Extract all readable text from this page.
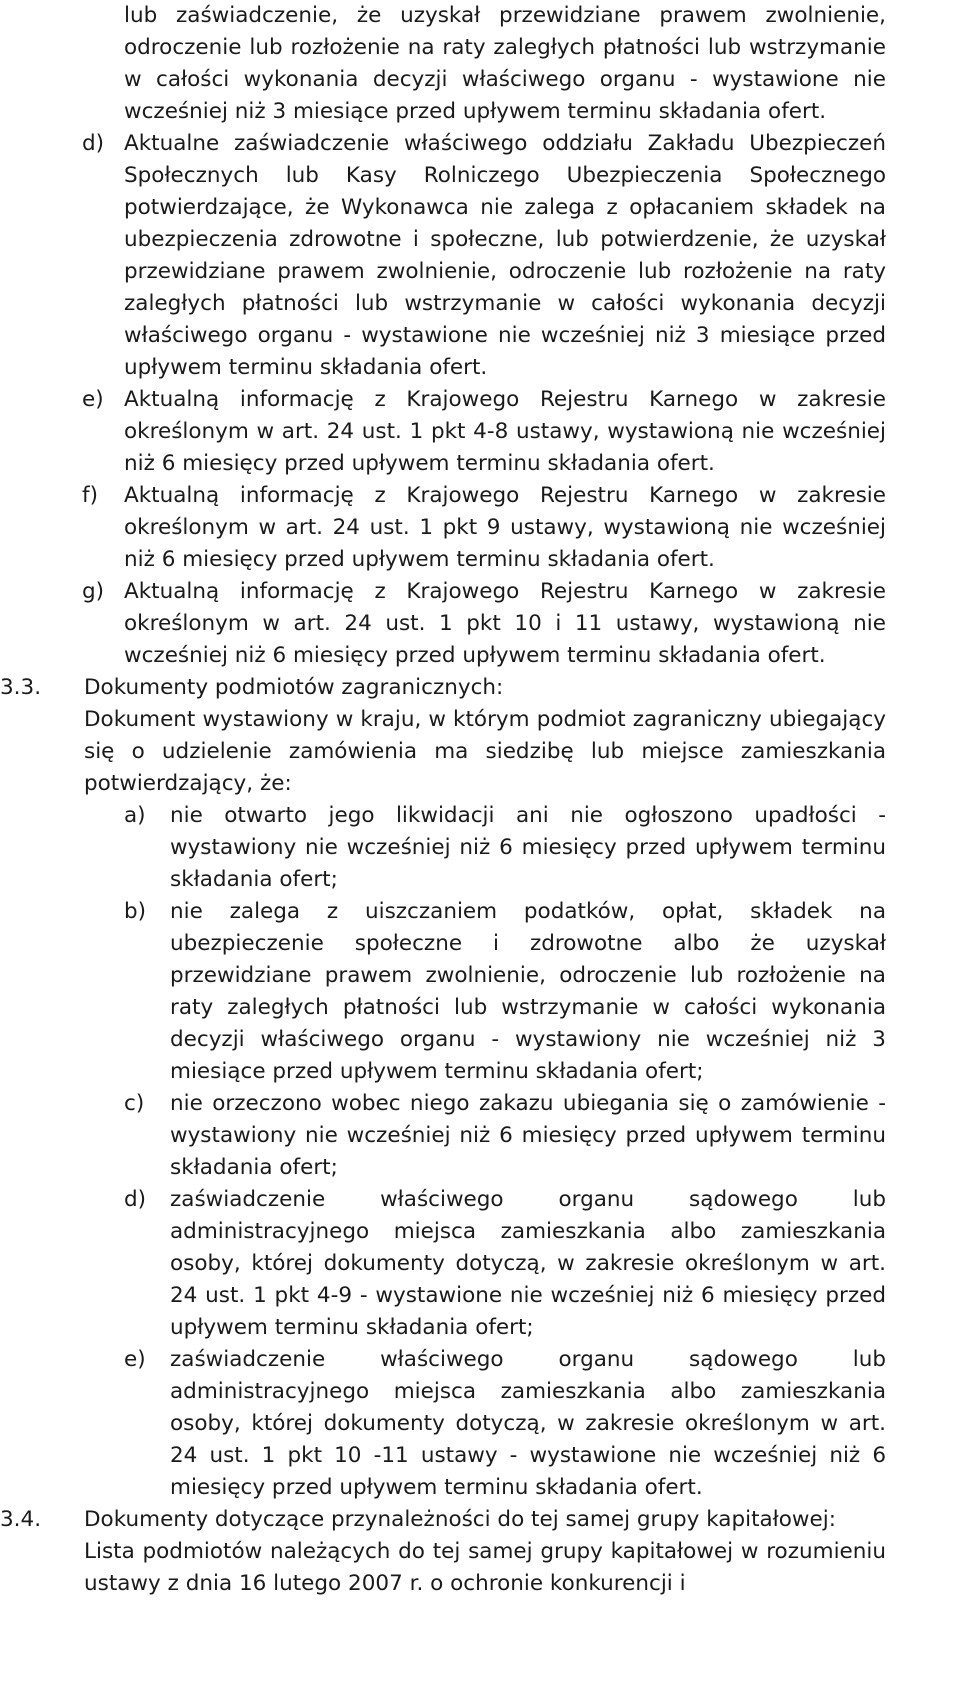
lub zaświadczenie, że uzyskał przewidziane prawem zwolnienie, odroczenie lub rozłożenie na raty zaległych płatności lub wstrzymanie w całości wykonania decyzji właściwego organu - wystawione nie wcześniej niż 3 miesiące przed upływem terminu składania ofert.

d) Aktualne zaświadczenie właściwego oddziału Zakładu Ubezpieczeń Społecznych lub Kasy Rolniczego Ubezpieczenia Społecznego potwierdzające, że Wykonawca nie zalega z opłacaniem składek na ubezpieczenia zdrowotne i społeczne, lub potwierdzenie, że uzyskał przewidziane prawem zwolnienie, odroczenie lub rozłożenie na raty zaległych płatności lub wstrzymanie w całości wykonania decyzji właściwego organu - wystawione nie wcześniej niż 3 miesiące przed upływem terminu składania ofert.
e) Aktualną informację z Krajowego Rejestru Karnego w zakresie określonym w art. 24 ust. 1 pkt 4-8 ustawy, wystawioną nie wcześniej niż 6 miesięcy przed upływem terminu składania ofert.
f) Aktualną informację z Krajowego Rejestru Karnego w zakresie określonym w art. 24 ust. 1 pkt 9 ustawy, wystawioną nie wcześniej niż 6 miesięcy przed upływem terminu składania ofert.
g) Aktualną informację z Krajowego Rejestru Karnego w zakresie określonym w art. 24 ust. 1 pkt 10 i 11 ustawy, wystawioną nie wcześniej niż 6 miesięcy przed upływem terminu składania ofert.
3.3. Dokumenty podmiotów zagranicznych:
Dokument wystawiony w kraju, w którym podmiot zagraniczny ubiegający się o udzielenie zamówienia ma siedzibę lub miejsce zamieszkania potwierdzający, że:
a) nie otwarto jego likwidacji ani nie ogłoszono upadłości - wystawiony nie wcześniej niż 6 miesięcy przed upływem terminu składania ofert;
b) nie zalega z uiszczaniem podatków, opłat, składek na ubezpieczenie społeczne i zdrowotne albo że uzyskał przewidziane prawem zwolnienie, odroczenie lub rozłożenie na raty zaległych płatności lub wstrzymanie w całości wykonania decyzji właściwego organu - wystawiony nie wcześniej niż 3 miesiące przed upływem terminu składania ofert;
c) nie orzeczono wobec niego zakazu ubiegania się o zamówienie - wystawiony nie wcześniej niż 6 miesięcy przed upływem terminu składania ofert;
d) zaświadczenie właściwego organu sądowego lub administracyjnego miejsca zamieszkania albo zamieszkania osoby, której dokumenty dotyczą, w zakresie określonym w art. 24 ust. 1 pkt 4-9 - wystawione nie wcześniej niż 6 miesięcy przed upływem terminu składania ofert;
e) zaświadczenie właściwego organu sądowego lub administracyjnego miejsca zamieszkania albo zamieszkania osoby, której dokumenty dotyczą, w zakresie określonym w art. 24 ust. 1 pkt 10 -11 ustawy - wystawione nie wcześniej niż 6 miesięcy przed upływem terminu składania ofert.
3.4. Dokumenty dotyczące przynależności do tej samej grupy kapitałowej:
Lista podmiotów należących do tej samej grupy kapitałowej w rozumieniu ustawy z dnia 16 lutego 2007 r. o ochronie konkurencji i
